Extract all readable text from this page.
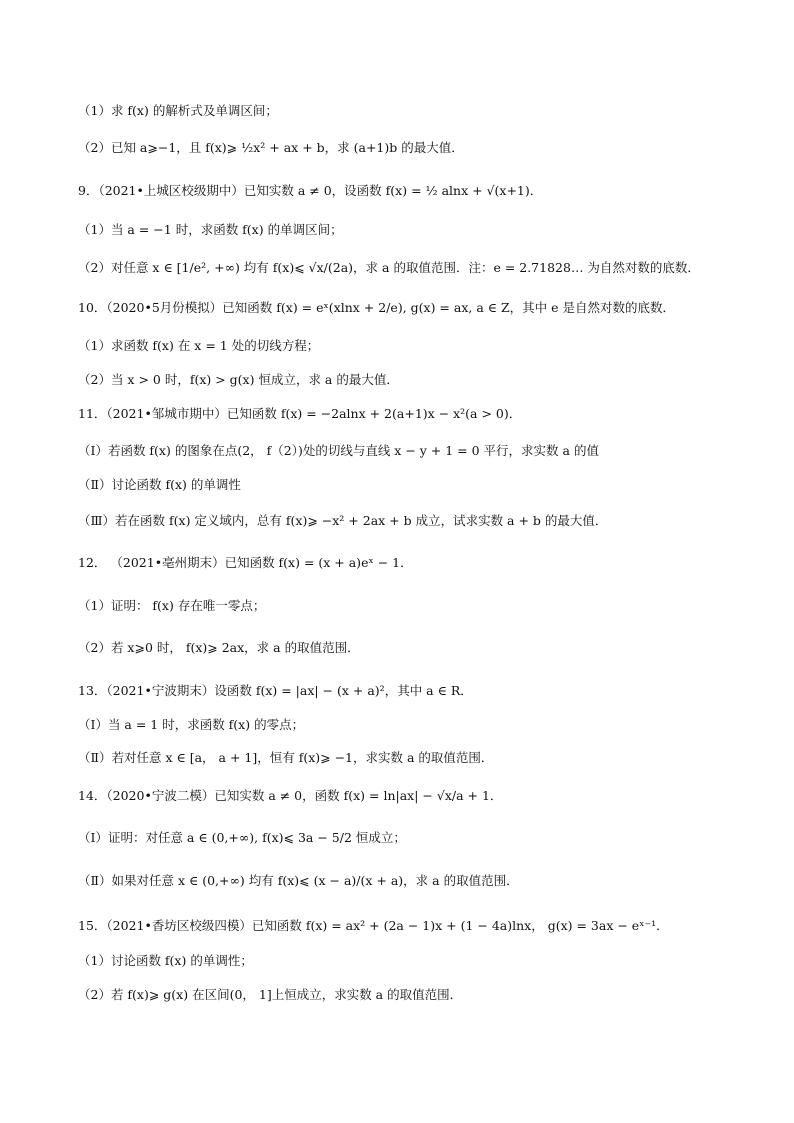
（1）求 f(x) 的解析式及单调区间；
（2）已知 a⩾−1，且 f(x)⩾ ½x² + ax + b，求 (a+1)b 的最大值．
9．（2021•上城区校级期中）已知实数 a ≠ 0，设函数 f(x) = ½ alnx + √(x+1)．
（1）当 a = −1 时，求函数 f(x) 的单调区间；
（2）对任意 x ∈ [1/e², +∞) 均有 f(x)⩽ √x/(2a)，求 a 的取值范围．注：e = 2.71828… 为自然对数的底数．
10．（2020•5月份模拟）已知函数 f(x) = eˣ(xlnx + 2/e), g(x) = ax, a ∈ Z，其中 e 是自然对数的底数．
（1）求函数 f(x) 在 x = 1 处的切线方程；
（2）当 x > 0 时，f(x) > g(x) 恒成立，求 a 的最大值．
11．（2021•邹城市期中）已知函数 f(x) = −2alnx + 2(a+1)x − x²(a > 0)．
（Ⅰ）若函数 f(x) 的图象在点(2， f（2）)处的切线与直线 x − y + 1 = 0 平行，求实数 a 的值
（Ⅱ）讨论函数 f(x) 的单调性
（Ⅲ）若在函数 f(x) 定义域内，总有 f(x)⩾ −x² + 2ax + b 成立，试求实数 a + b 的最大值．
12． （2021•亳州期末）已知函数 f(x) = (x + a)eˣ − 1．
（1）证明： f(x) 存在唯一零点；
（2）若 x⩾0 时， f(x)⩾ 2ax，求 a 的取值范围．
13．（2021•宁波期末）设函数 f(x) = |ax| − (x + a)²，其中 a ∈ R．
（Ⅰ）当 a = 1 时，求函数 f(x) 的零点；
（Ⅱ）若对任意 x ∈ [a， a + 1]，恒有 f(x)⩾ −1，求实数 a 的取值范围．
14．（2020•宁波二模）已知实数 a ≠ 0，函数 f(x) = ln|ax| − √x/a + 1．
（Ⅰ）证明：对任意 a ∈ (0,+∞), f(x)⩽ 3a − 5/2 恒成立；
（Ⅱ）如果对任意 x ∈ (0,+∞) 均有 f(x)⩽ (x − a)/(x + a)，求 a 的取值范围．
15．（2021•香坊区校级四模）已知函数 f(x) = ax² + (2a − 1)x + (1 − 4a)lnx， g(x) = 3ax − eˣ⁻¹．
（1）讨论函数 f(x) 的单调性；
（2）若 f(x)⩾ g(x) 在区间(0， 1]上恒成立，求实数 a 的取值范围．
